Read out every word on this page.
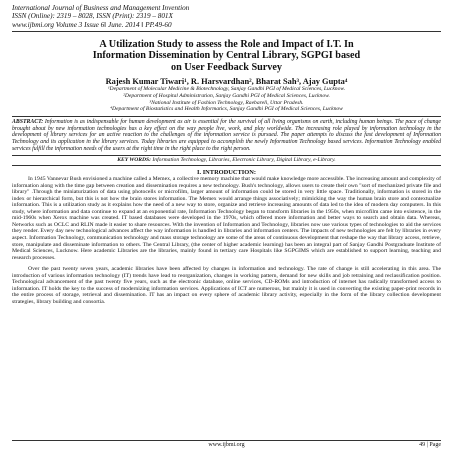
International Journal of Business and Management Invention
ISSN (Online): 2319 – 8028, ISSN (Print): 2319 – 801X
www.ijbmi.org Volume 3 Issue 6ǁ June. 2014 ǁ PP.49-60
A Utilization Study to assess the Role and Impact of I.T. In
Information Dissemination by Central Library, SGPGI based
on User Feedback Survey
Rajesh Kumar Tiwari¹, R. Harsvardhan², Bharat Sah³, Ajay Gupta⁴
¹Department of Molecular Medicine & Biotechnology, Sanjay Gandhi PGI of Medical Sciences, Lucknow.
²Department of Hospital Administration, Sanjay Gandhi PGI of Medical Sciences, Lucknow.
³National Institute of Fashion Technology, Raebareli, Uttar Pradesh.
⁴Department of Biostatistics and Health Informatics, Sanjay Gandhi PGI of Medical Sciences, Lucknow
ABSTRACT: Information is as indispensable for human development as air is essential for the survival of all living organisms on earth, including human beings. The pace of change brought about by new information technologies has a key effect on the way people live, work, and play worldwide. The increasing role played by information technology in the development of library services for an active reaction to the challenges of the information service is pursued. The paper attempts to discuss the fast development of Information Technology and its application in the library services. Today libraries are equipped to accomplish the newly Information Technology based services. Information Technology enabled services fulfill the information needs of the users at the right time in the right place to the right person.
KEY WORDS: Information Technology, Libraries, Electronic Library, Digital Library, e-Library.
I. INTRODUCTION:

In 1945 Vannevar Bush envisioned a machine called a Memex, a collective memory machine that would make knowledge more accessible. The increasing amount and complexity of information along with the time gap between creation and dissemination requires a new technology. Bush's technology, allows users to create their own "sort of mechanized private file and library" .Through the miniaturization of data using photocells or microfilm, larger amount of information could be stored in very little space. Traditionally, information is stored in the index or hierarchical form, but this is not how the brain stores information. The Memex would arrange things associatively; mimicking the way the human brain store and contextualize information. This is a utilization study as it explains how the need of a new way to store, organize and retrieve increasing amounts of data led to the idea of modern day computers. In this study, where information and data continue to expand at an exponential rate, Information Technology began to transform libraries in the 1950s, when microfilm came into existence, in the mid-1960s when Xerox machine was created. IT based databases were developed in the 1970s, which offered more information and better ways to search and obtain data. Whereas, Networks such as OCLC and RLIN made it easier to share resources. With the invention of Information and Technology, libraries now use various types of technologies to aid the services they render. Every day new technological advances affect the way information is handled in libraries and information centers. The impacts of new technologies are felt by libraries in every aspect. Information Technology, communication technology and mass storage technology are some of the areas of continuous development that reshape the way that library access, retrieve, store, manipulate and disseminate information to others. The Central Library, (the center of higher academic learning) has been an integral part of Sanjay Gandhi Postgraduate Institute of Medical Sciences, Lucknow. Here academic Libraries are the libraries, mainly found in tertiary care Hospitals like SGPGIMS which are established to support learning, teaching and research processes.

Over the past twenty seven years, academic libraries have been affected by changes in information and technology. The rate of change is still accelerating in this area. The introduction of various information technology (IT) trends have lead to reorganization, changes in working pattern, demand for new skills and job retraining and reclassification position. Technological advancement of the past twenty five years, such as the electronic database, online services, CD-ROMs and introduction of internet has radically transformed access to information. IT holds the key to the success of modernizing information services. Applications of ICT are numerous, but mainly it is used in converting the existing paper-print records in the entire process of storage, retrieval and dissemination. IT has an impact on every sphere of academic library activity, especially in the form of the library collection development strategies, library building and consortia.

www.ijbmi.org	49 | Page
